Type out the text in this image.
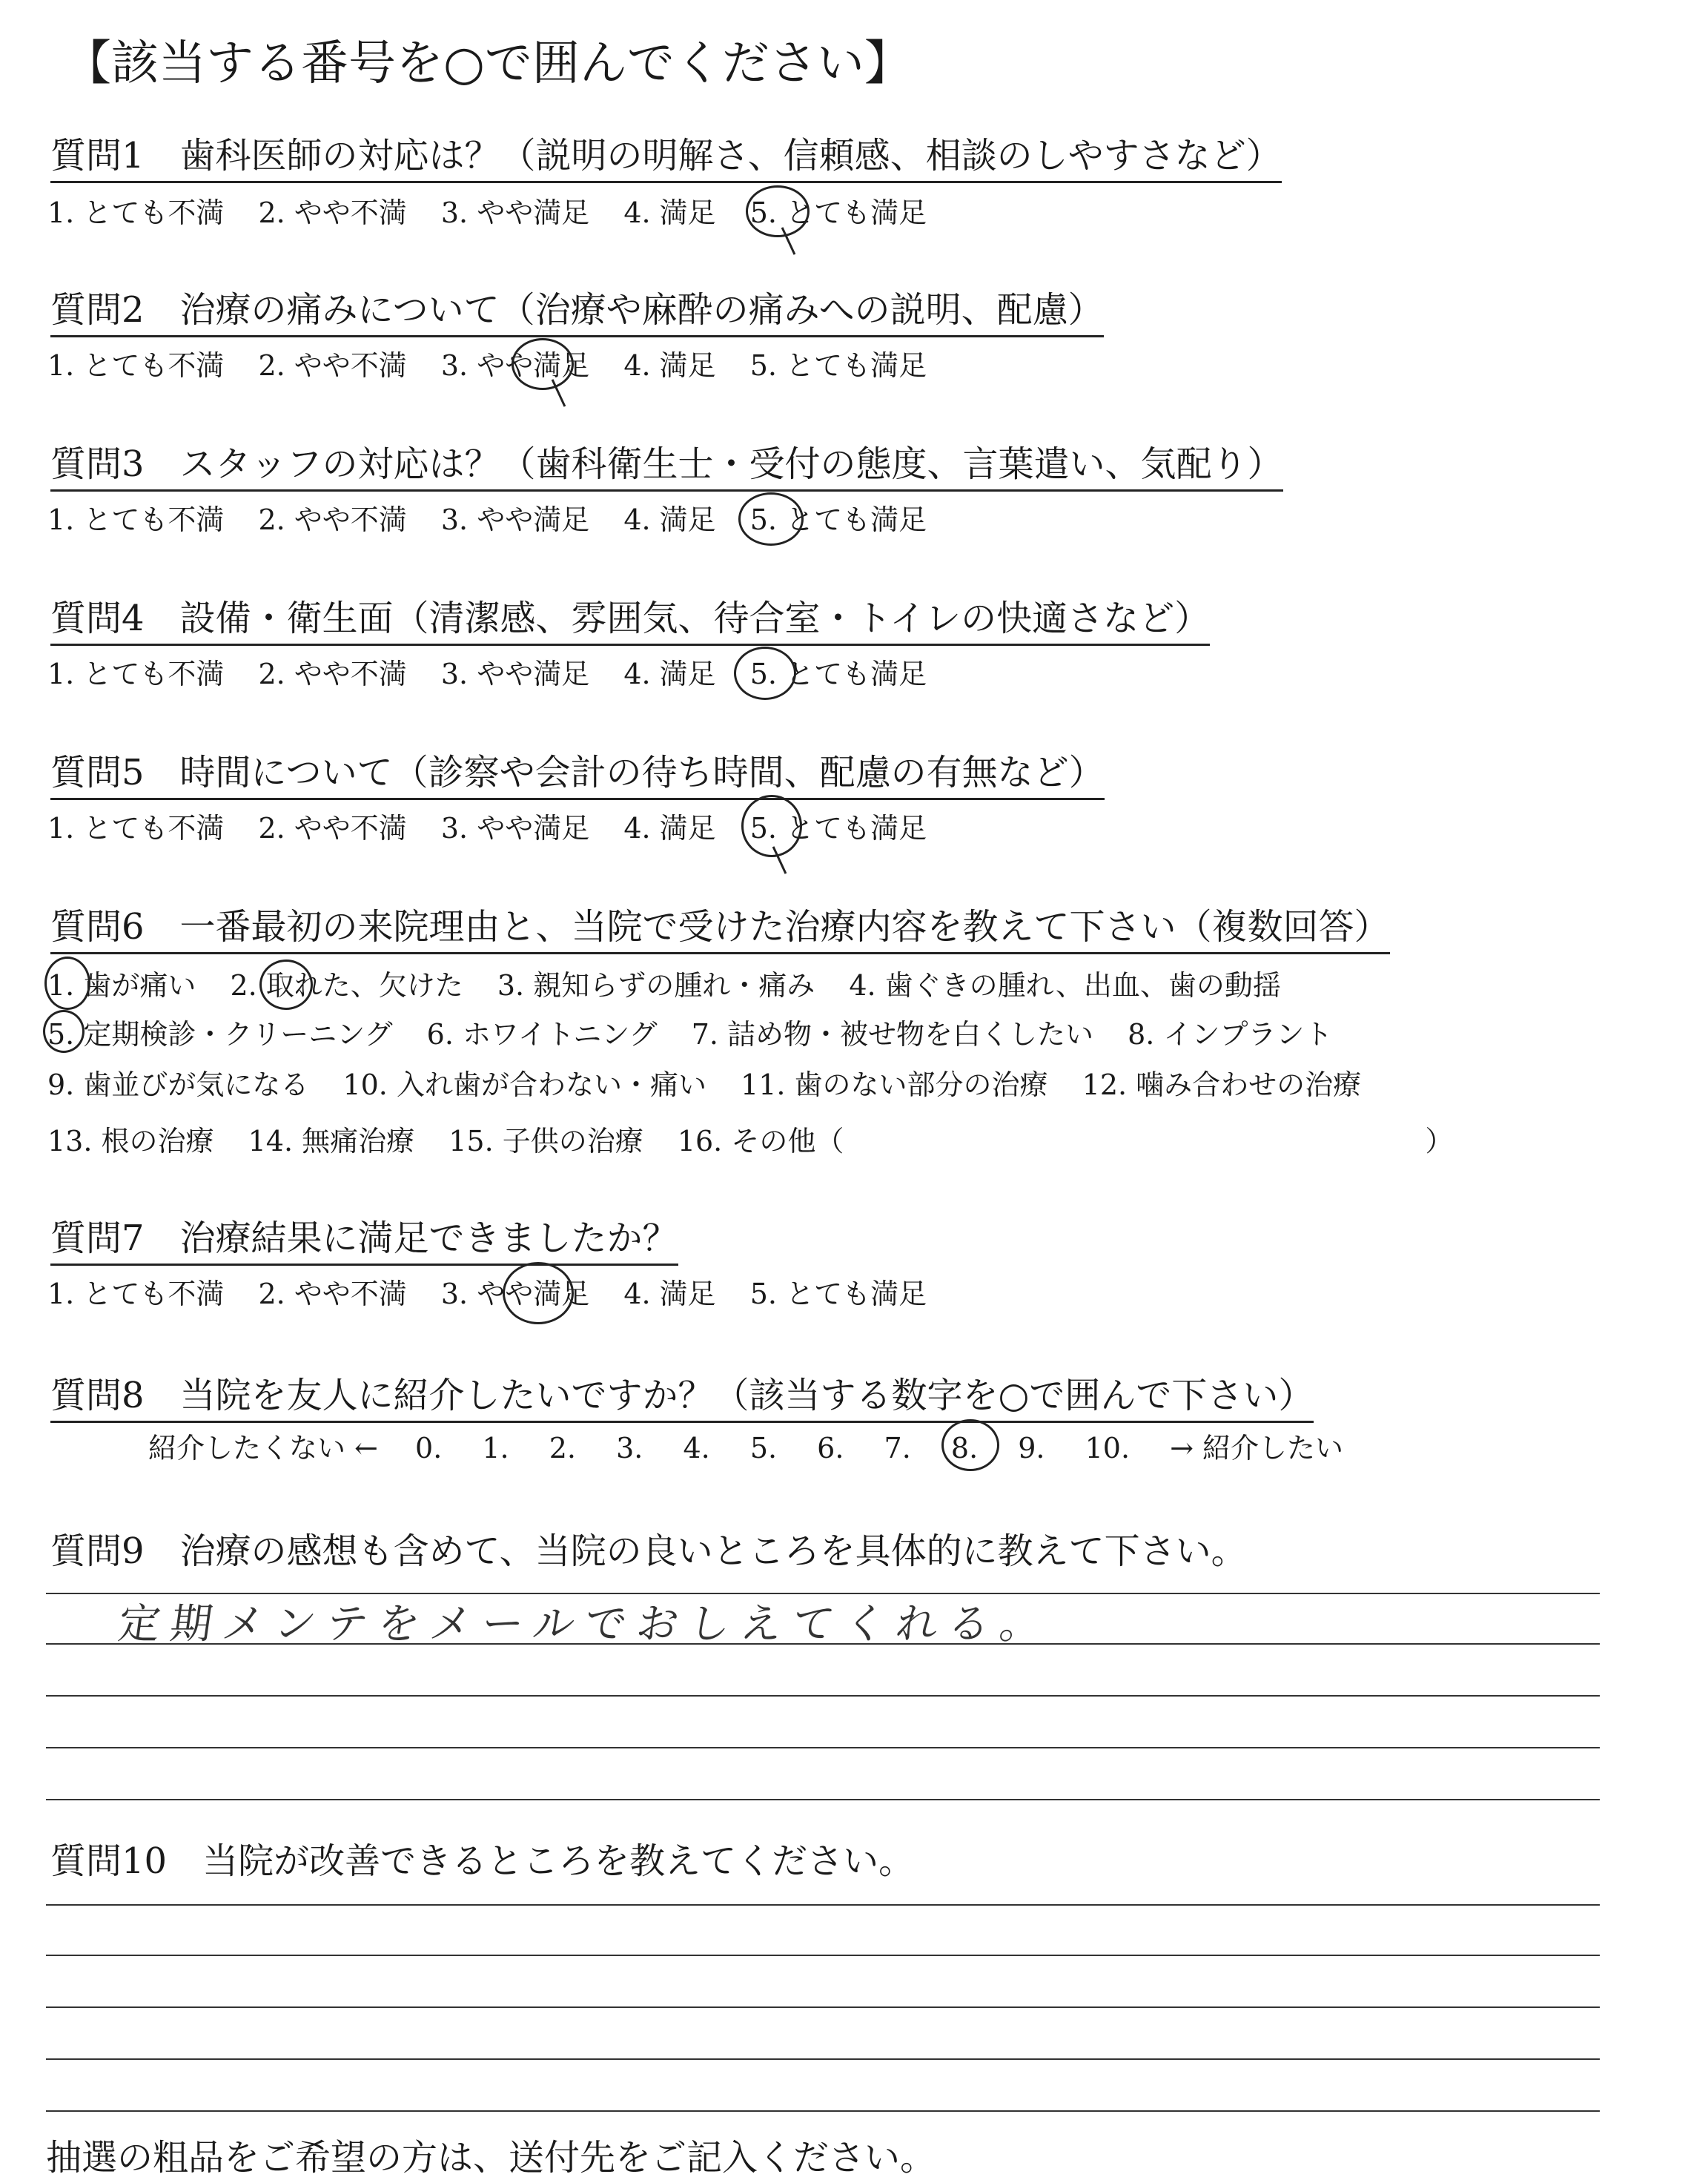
【該当する番号を○で囲んでください】
質問1　歯科医師の対応は？（説明の明解さ、信頼感、相談のしやすさなど）
1. とても不満 2. やや不満 3. やや満足 4. 満足 5. とても満足
質問2　治療の痛みについて（治療や麻酔の痛みへの説明、配慮）
1. とても不満 2. やや不満 3. やや満足 4. 満足 5. とても満足
質問3　スタッフの対応は？（歯科衛生士・受付の態度、言葉遣い、気配り）
1. とても不満 2. やや不満 3. やや満足 4. 満足 5. とても満足
質問4　設備・衛生面（清潔感、雰囲気、待合室・トイレの快適さなど）
1. とても不満 2. やや不満 3. やや満足 4. 満足 5. とても満足
質問5　時間について（診察や会計の待ち時間、配慮の有無など）
1. とても不満 2. やや不満 3. やや満足 4. 満足 5. とても満足
質問6　一番最初の来院理由と、当院で受けた治療内容を教えて下さい（複数回答）
1. 歯が痛い 2. 取れた、欠けた 3. 親知らずの腫れ・痛み 4. 歯ぐきの腫れ、出血、歯の動揺
5. 定期検診・クリーニング 6. ホワイトニング 7. 詰め物・被せ物を白くしたい 8. インプラント
9. 歯並びが気になる 10. 入れ歯が合わない・痛い 11. 歯のない部分の治療 12. 噛み合わせの治療
13. 根の治療 14. 無痛治療 15. 子供の治療 16. その他（	）
質問7　治療結果に満足できましたか？
1. とても不満 2. やや不満 3. やや満足 4. 満足 5. とても満足
質問8　当院を友人に紹介したいですか？（該当する数字を○で囲んで下さい）
紹介したくない ← 0. 1. 2. 3. 4. 5. 6. 7. 8. 9. 10. → 紹介したい
質問9　治療の感想も含めて、当院の良いところを具体的に教えて下さい。
定期メンテをメールでおしえてくれる。
質問10　当院が改善できるところを教えてください。
抽選の粗品をご希望の方は、送付先をご記入ください。
